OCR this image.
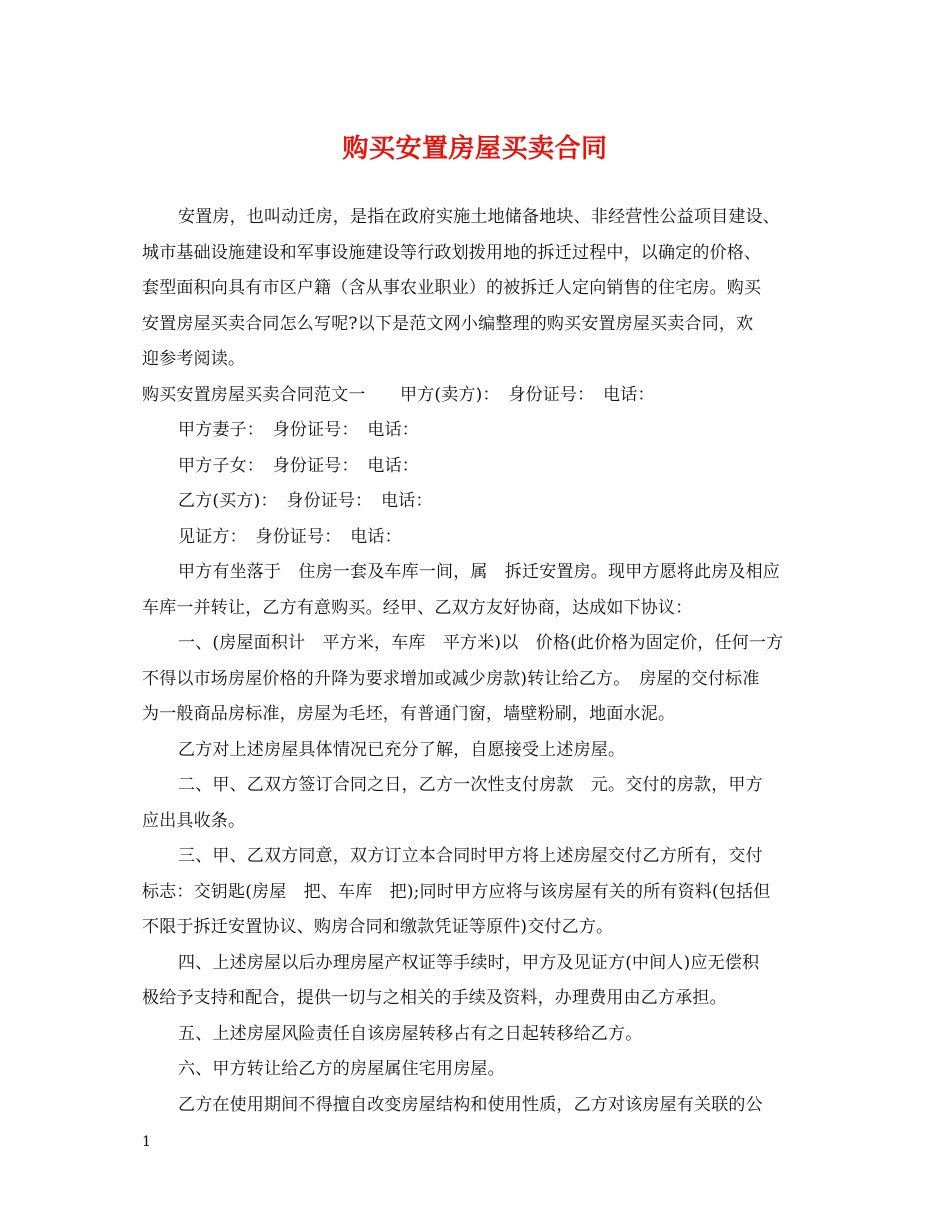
购买安置房屋买卖合同
安置房，也叫动迁房，是指在政府实施土地储备地块、非经营性公益项目建设、
城市基础设施建设和军事设施建设等行政划拨用地的拆迁过程中，以确定的价格、
套型面积向具有市区户籍（含从事农业职业）的被拆迁人定向销售的住宅房。购买
安置房屋买卖合同怎么写呢?以下是范文网小编整理的购买安置房屋买卖合同，欢
迎参考阅读。
购买安置房屋买卖合同范文一　　甲方(卖方)：　身份证号：　电话：
甲方妻子：　身份证号：　电话：
甲方子女：　身份证号：　电话：
乙方(买方)：　身份证号：　电话：
见证方：　身份证号：　电话：
甲方有坐落于　住房一套及车库一间，属　拆迁安置房。现甲方愿将此房及相应
车库一并转让，乙方有意购买。经甲、乙双方友好协商，达成如下协议：
一、(房屋面积计　平方米，车库　平方米)以　价格(此价格为固定价，任何一方
不得以市场房屋价格的升降为要求增加或减少房款)转让给乙方。　房屋的交付标准
为一般商品房标准，房屋为毛坯，有普通门窗，墙壁粉刷，地面水泥。
乙方对上述房屋具体情况已充分了解，自愿接受上述房屋。
二、甲、乙双方签订合同之日，乙方一次性支付房款　元。交付的房款，甲方
应出具收条。
三、甲、乙双方同意，双方订立本合同时甲方将上述房屋交付乙方所有，交付
标志：交钥匙(房屋　把、车库　把);同时甲方应将与该房屋有关的所有资料(包括但
不限于拆迁安置协议、购房合同和缴款凭证等原件)交付乙方。
四、上述房屋以后办理房屋产权证等手续时，甲方及见证方(中间人)应无偿积
极给予支持和配合，提供一切与之相关的手续及资料，办理费用由乙方承担。
五、上述房屋风险责任自该房屋转移占有之日起转移给乙方。
六、甲方转让给乙方的房屋属住宅用房屋。
乙方在使用期间不得擅自改变房屋结构和使用性质，乙方对该房屋有关联的公
1
